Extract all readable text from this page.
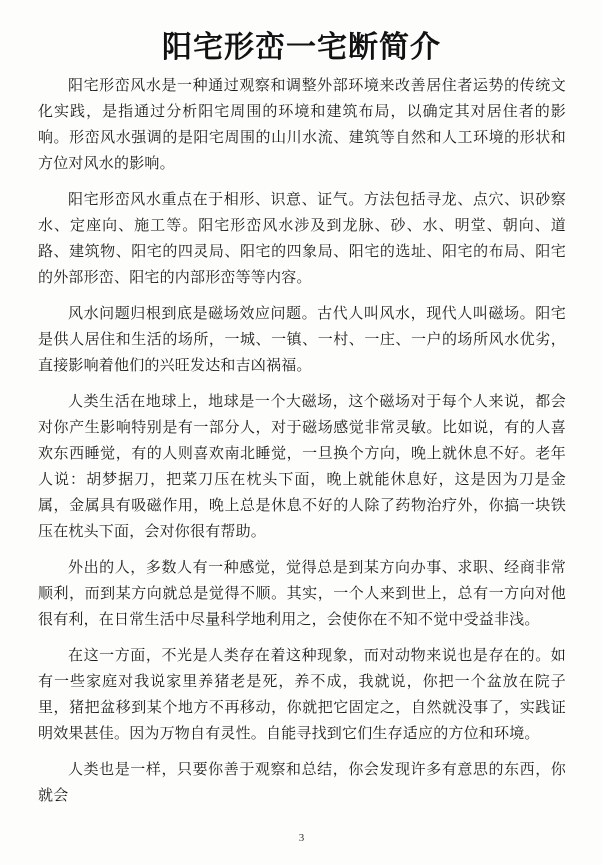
阳宅形峦一宅断简介

阳宅形峦风水是一种通过观察和调整外部环境来改善居住者运势的传统文化实践，是指通过分析阳宅周围的环境和建筑布局，以确定其对居住者的影响。形峦风水强调的是阳宅周围的山川水流、建筑等自然和人工环境的形状和方位对风水的影响。

阳宅形峦风水重点在于相形、识意、证气。方法包括寻龙、点穴、识砂察水、定座向、施工等。阳宅形峦风水涉及到龙脉、砂、水、明堂、朝向、道路、建筑物、阳宅的四灵局、阳宅的四象局、阳宅的选址、阳宅的布局、阳宅的外部形峦、阳宅的内部形峦等等内容。

风水问题归根到底是磁场效应问题。古代人叫风水，现代人叫磁场。阳宅是供人居住和生活的场所，一城、一镇、一村、一庄、一户的场所风水优劣，直接影响着他们的兴旺发达和吉凶祸福。

人类生活在地球上，地球是一个大磁场，这个磁场对于每个人来说，都会对你产生影响特别是有一部分人，对于磁场感觉非常灵敏。比如说，有的人喜欢东西睡觉，有的人则喜欢南北睡觉，一旦换个方向，晚上就休息不好。老年人说：胡梦据刀，把菜刀压在枕头下面，晚上就能休息好，这是因为刀是金属，金属具有吸磁作用，晚上总是休息不好的人除了药物治疗外，你搞一块铁压在枕头下面，会对你很有帮助。

外出的人，多数人有一种感觉，觉得总是到某方向办事、求职、经商非常顺利，而到某方向就总是觉得不顺。其实，一个人来到世上，总有一方向对他很有利，在日常生活中尽量科学地利用之，会使你在不知不觉中受益非浅。

在这一方面，不光是人类存在着这种现象，而对动物来说也是存在的。如有一些家庭对我说家里养猪老是死，养不成，我就说，你把一个盆放在院子里，猪把盆移到某个地方不再移动，你就把它固定之，自然就没事了，实践证明效果甚佳。因为万物自有灵性。自能寻找到它们生存适应的方位和环境。

人类也是一样，只要你善于观察和总结，你会发现许多有意思的东西，你就会

3
